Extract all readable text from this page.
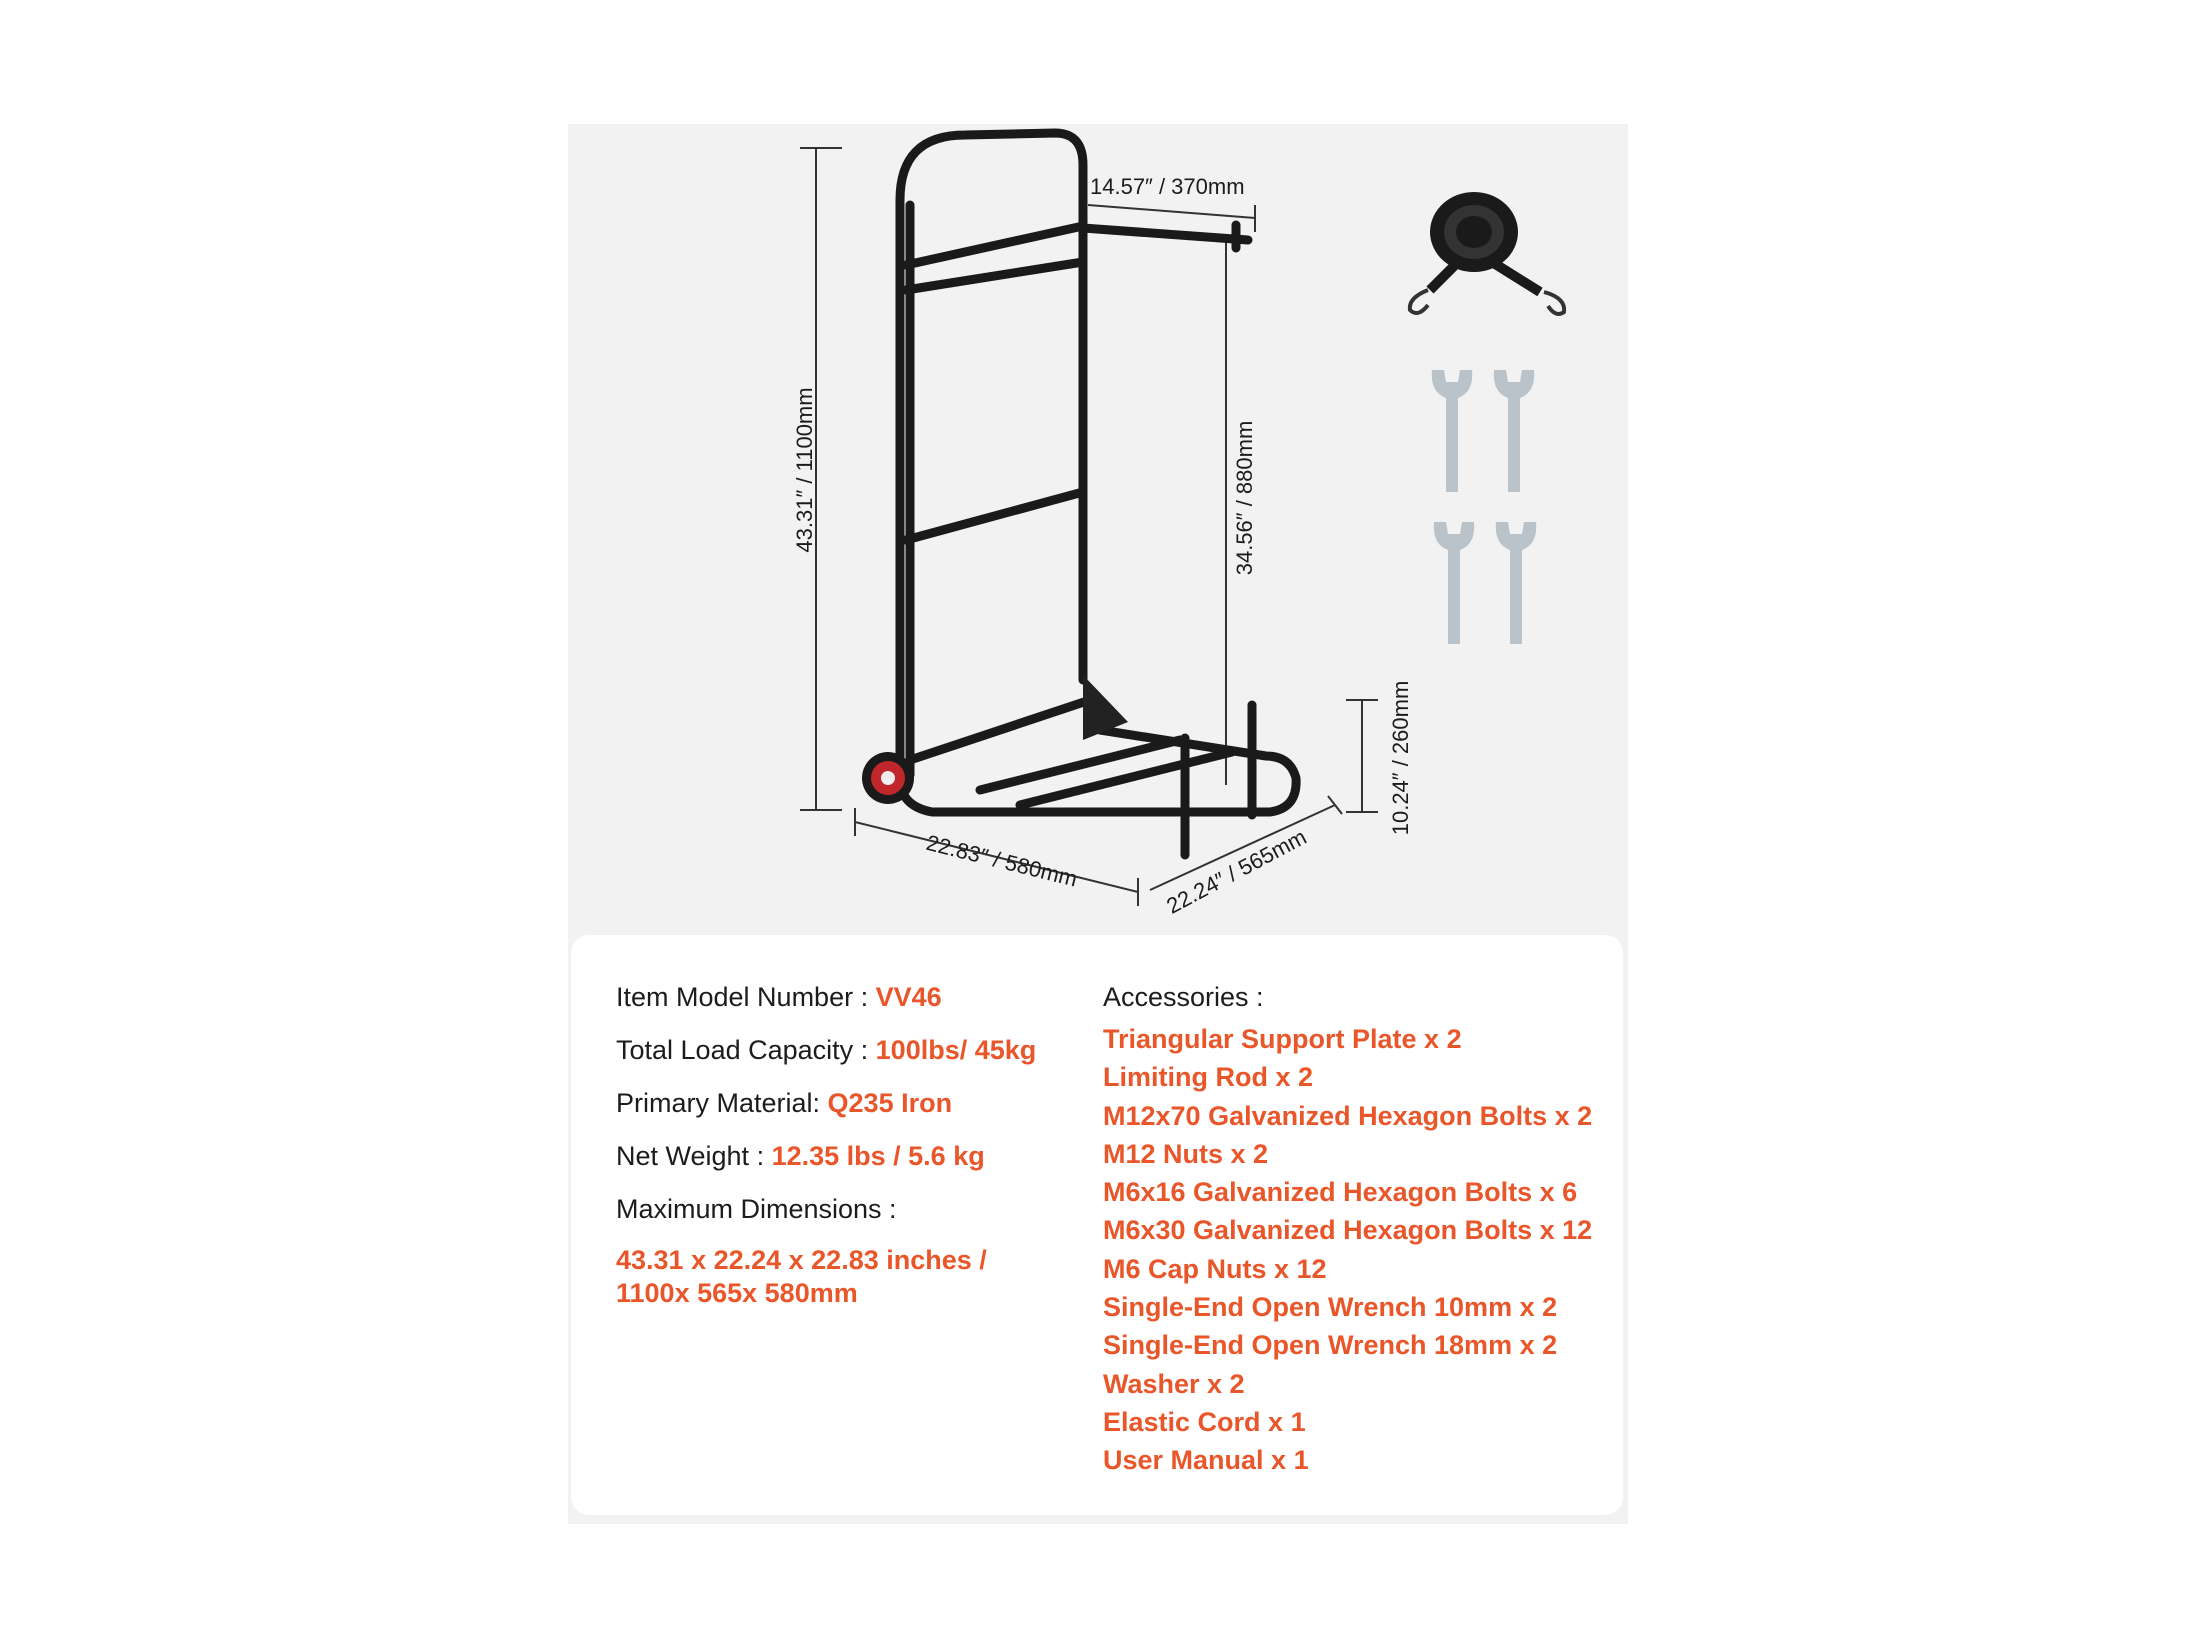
43.31″ / 1100mm
14.57″ / 370mm
34.56″ / 880mm
10.24″ / 260mm
22.83″ / 580mm	22.24″ / 565mm
Item Model Number : VV46
Total Load Capacity : 100lbs/ 45kg
Primary Material: Q235 Iron
Net Weight : 12.35 lbs / 5.6 kg
Maximum Dimensions :
43.31 x 22.24 x 22.83 inches /
1100x 565x 580mm
Accessories :
Triangular Support Plate x 2
Limiting Rod x 2
M12x70 Galvanized Hexagon Bolts x 2
M12 Nuts x 2
M6x16 Galvanized Hexagon Bolts x 6
M6x30 Galvanized Hexagon Bolts x 12
M6 Cap Nuts x 12
Single-End Open Wrench 10mm x 2
Single-End Open Wrench 18mm x 2
Washer x 2
Elastic Cord x 1
User Manual x 1
